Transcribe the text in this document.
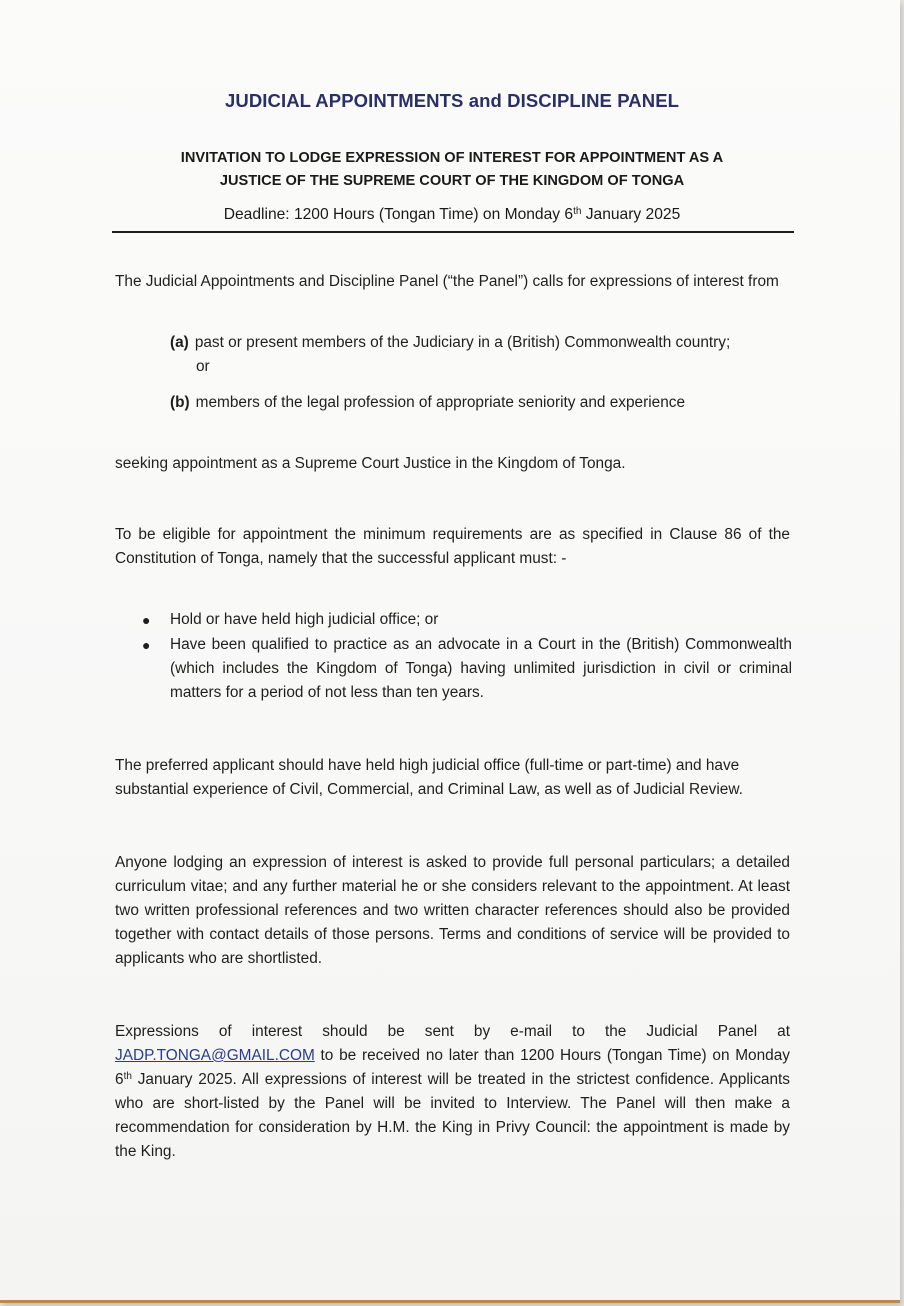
JUDICIAL APPOINTMENTS and DISCIPLINE PANEL
INVITATION TO LODGE EXPRESSION OF INTEREST FOR APPOINTMENT AS A
JUSTICE OF THE SUPREME COURT OF THE KINGDOM OF TONGA
Deadline: 1200 Hours (Tongan Time) on Monday 6th January 2025

The Judicial Appointments and Discipline Panel (“the Panel”) calls for expressions of interest from

(a) past or present members of the Judiciary in a (British) Commonwealth country;
or
(b) members of the legal profession of appropriate seniority and experience

seeking appointment as a Supreme Court Justice in the Kingdom of Tonga.

To be eligible for appointment the minimum requirements are as specified in Clause 86 of the Constitution of Tonga, namely that the successful applicant must: -

● Hold or have held high judicial office; or
● Have been qualified to practice as an advocate in a Court in the (British) Commonwealth (which includes the Kingdom of Tonga) having unlimited jurisdiction in civil or criminal matters for a period of not less than ten years.

The preferred applicant should have held high judicial office (full-time or part-time) and have substantial experience of Civil, Commercial, and Criminal Law, as well as of Judicial Review.

Anyone lodging an expression of interest is asked to provide full personal particulars; a detailed curriculum vitae; and any further material he or she considers relevant to the appointment. At least two written professional references and two written character references should also be provided together with contact details of those persons. Terms and conditions of service will be provided to applicants who are shortlisted.

Expressions of interest should be sent by e-mail to the Judicial Panel at JADP.TONGA@GMAIL.COM to be received no later than 1200 Hours (Tongan Time) on Monday 6th January 2025. All expressions of interest will be treated in the strictest confidence. Applicants who are short-listed by the Panel will be invited to Interview. The Panel will then make a recommendation for consideration by H.M. the King in Privy Council: the appointment is made by the King.
